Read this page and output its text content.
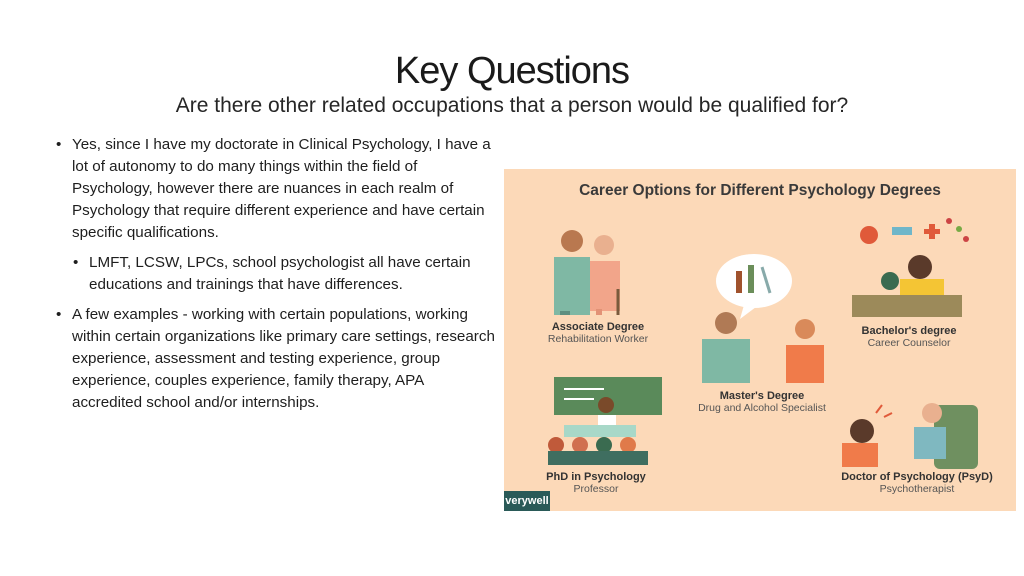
Key Questions
Are there other related occupations that a person would be qualified for?
• Yes, since I have my doctorate in Clinical Psychology, I have a lot of autonomy to do many things within the field of Psychology, however there are nuances in each realm of Psychology that require different experience and have certain specific qualifications.
• LMFT, LCSW, LPCs, school psychologist all have certain educations and trainings that have differences.
• A few examples - working with certain populations, working within certain organizations like primary care settings, research experience, assessment and testing experience, group experience, couples experience, family therapy, APA accredited school and/or internships.
Career Options for Different Psychology Degrees
Associate Degree
Rehabilitation Worker
Bachelor's degree
Career Counselor
Master's Degree
Drug and Alcohol Specialist
PhD in Psychology
Professor
Doctor of Psychology (PsyD)
Psychotherapist
verywell
